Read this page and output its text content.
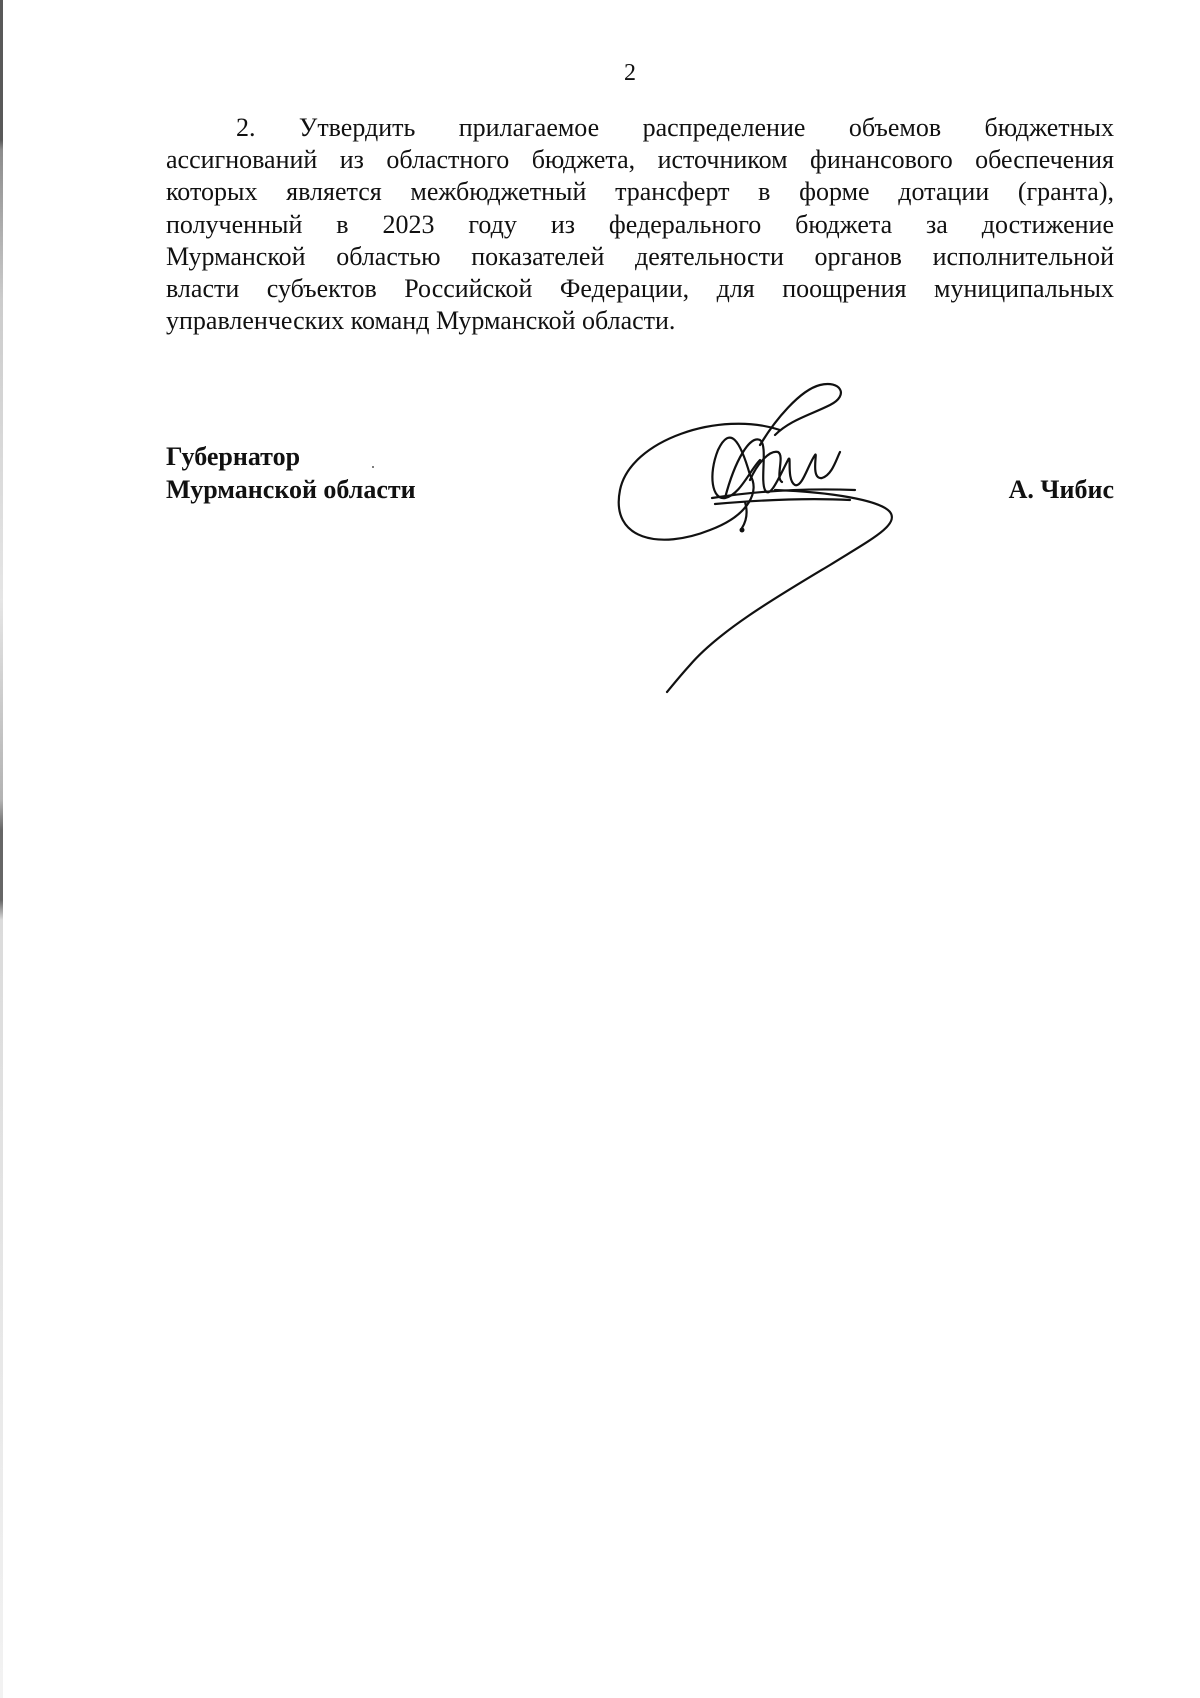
2
2. Утвердить прилагаемое распределение объемов бюджетных
ассигнований из областного бюджета, источником финансового обеспечения
которых является межбюджетный трансферт в форме дотации (гранта),
полученный в 2023 году из федерального бюджета за достижение
Мурманской областью показателей деятельности органов исполнительной
власти субъектов Российской Федерации, для поощрения муниципальных
управленческих команд Мурманской области.
Губернатор
Мурманской области	А. Чибис
